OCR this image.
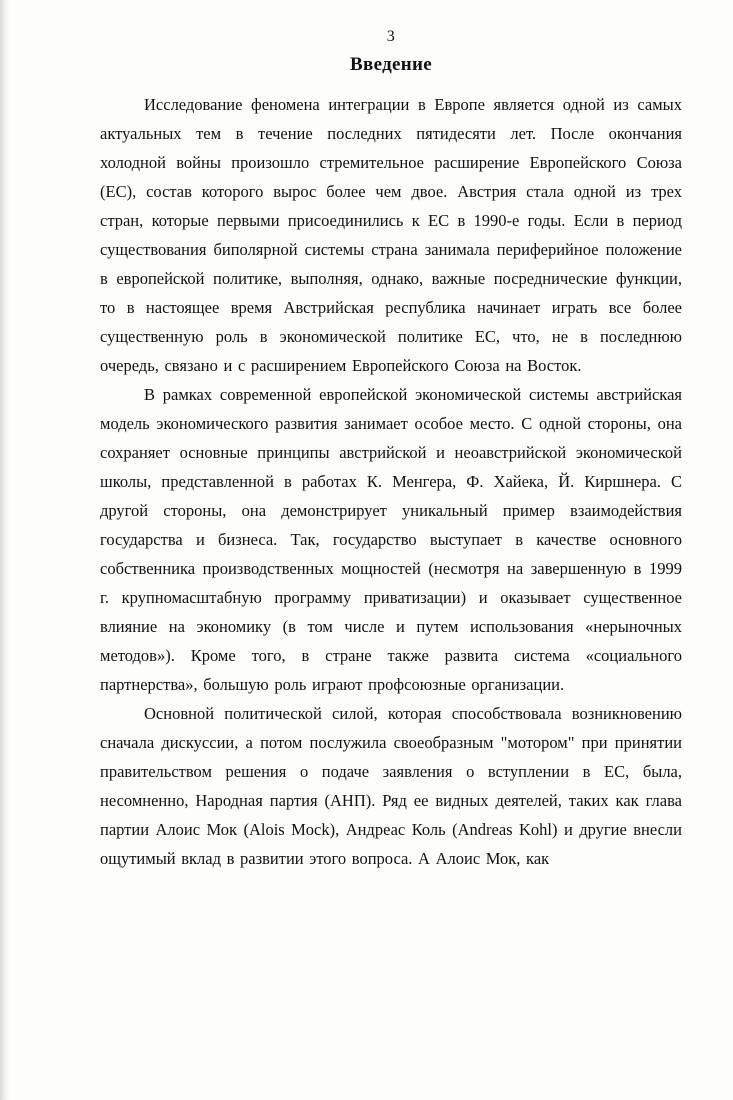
3
Введение

Исследование феномена интеграции в Европе является одной из самых актуальных тем в течение последних пятидесяти лет. После окончания холодной войны произошло стремительное расширение Европейского Союза (ЕС), состав которого вырос более чем двое. Австрия стала одной из трех стран, которые первыми присоединились к ЕС в 1990-е годы. Если в период существования биполярной системы страна занимала периферийное положение в европейской политике, выполняя, однако, важные посреднические функции, то в настоящее время Австрийская республика начинает играть все более существенную роль в экономической политике ЕС, что, не в последнюю очередь, связано и с расширением Европейского Союза на Восток.

В рамках современной европейской экономической системы австрийская модель экономического развития занимает особое место. С одной стороны, она сохраняет основные принципы австрийской и неоавстрийской экономической школы, представленной в работах К. Менгера, Ф. Хайека, Й. Киршнера. С другой стороны, она демонстрирует уникальный пример взаимодействия государства и бизнеса. Так, государство выступает в качестве основного собственника производственных мощностей (несмотря на завершенную в 1999 г. крупномасштабную программу приватизации) и оказывает существенное влияние на экономику (в том числе и путем использования «нерыночных методов»). Кроме того, в стране также развита система «социального партнерства», большую роль играют профсоюзные организации.

Основной политической силой, которая способствовала возникновению сначала дискуссии, а потом послужила своеобразным "мотором" при принятии правительством решения о подаче заявления о вступлении в ЕС, была, несомненно, Народная партия (АНП). Ряд ее видных деятелей, таких как глава партии Алоис Мок (Alois Mock), Андреас Коль (Andreas Kohl) и другие внесли ощутимый вклад в развитии этого вопроса. А Алоис Мок, как
